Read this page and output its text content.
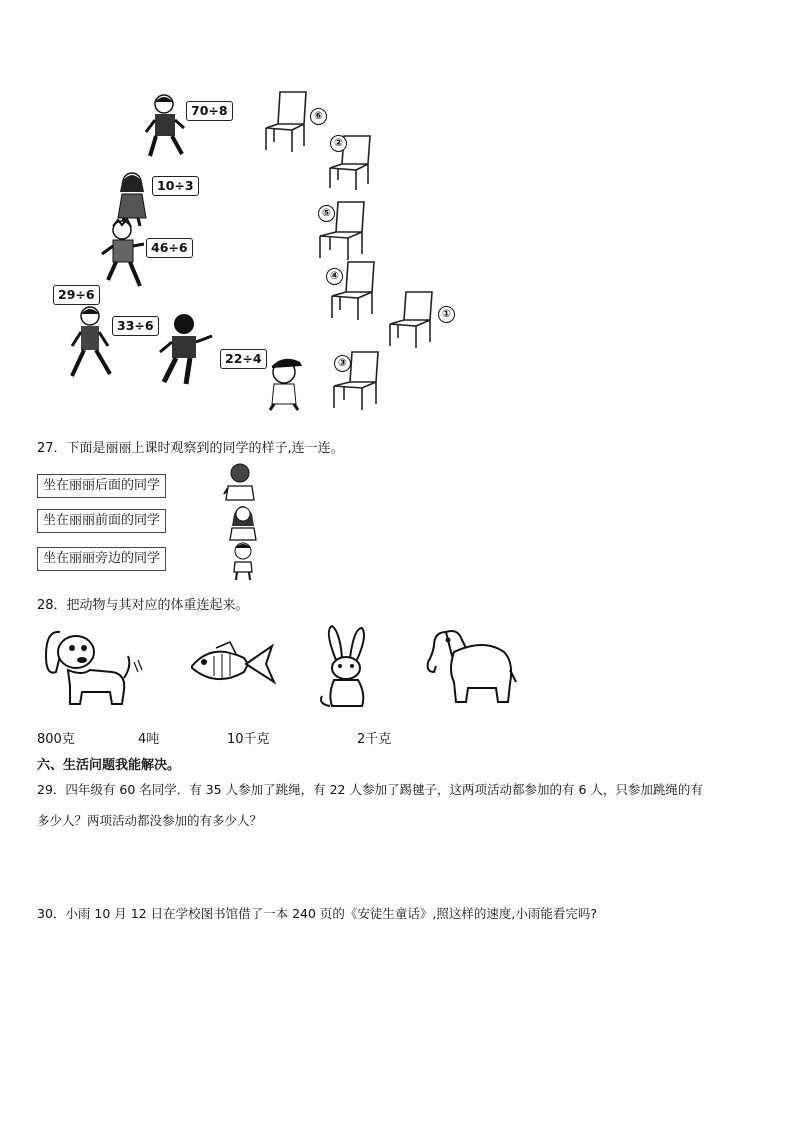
70÷8
10÷3
46÷6
29÷6
33÷6
22÷4
⑥
②
⑤
④
①
③
27．下面是丽丽上课时观察到的同学的样子,连一连。
坐在丽丽后面的同学
坐在丽丽前面的同学
坐在丽丽旁边的同学
28．把动物与其对应的体重连起来。
800克	4吨	10千克	2千克
六、生活问题我能解决。
29．四年级有 60 名同学．有 35 人参加了跳绳，有 22 人参加了踢毽子，这两项活动都参加的有 6 人，只参加跳绳的有
多少人？两项活动都没参加的有多少人？
30．小雨 10 月 12 日在学校图书馆借了一本 240 页的《安徒生童话》,照这样的速度,小雨能看完吗?
